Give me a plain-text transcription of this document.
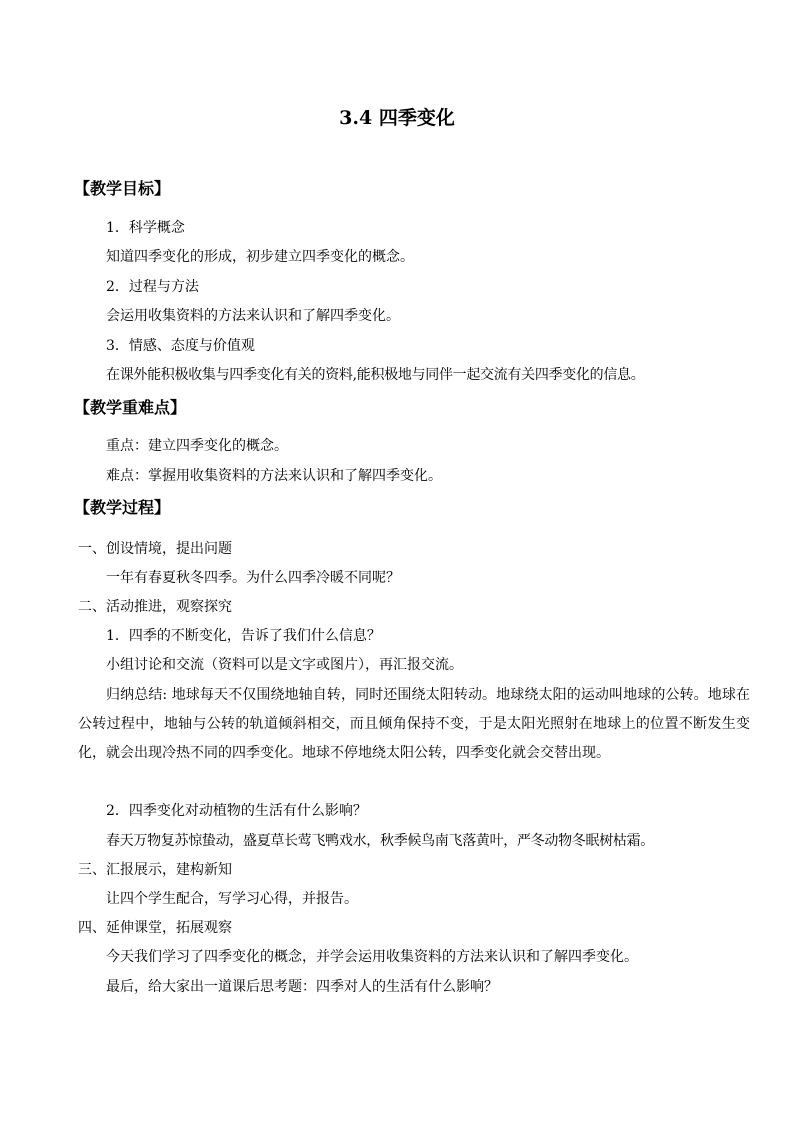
3.4 四季变化
【教学目标】
1．科学概念
知道四季变化的形成，初步建立四季变化的概念。
2．过程与方法
会运用收集资料的方法来认识和了解四季变化。
3．情感、态度与价值观
在课外能积极收集与四季变化有关的资料,能积极地与同伴一起交流有关四季变化的信息。
【教学重难点】
重点：建立四季变化的概念。
难点：掌握用收集资料的方法来认识和了解四季变化。
【教学过程】
一、创设情境，提出问题
一年有春夏秋冬四季。为什么四季冷暖不同呢？
二、活动推进，观察探究
1．四季的不断变化，告诉了我们什么信息？
小组讨论和交流（资料可以是文字或图片），再汇报交流。
归纳总结: 地球每天不仅围绕地轴自转，同时还围绕太阳转动。地球绕太阳的运动叫地球的公转。地球在公转过程中，地轴与公转的轨道倾斜相交，而且倾角保持不变，于是太阳光照射在地球上的位置不断发生变化，就会出现冷热不同的四季变化。地球不停地绕太阳公转，四季变化就会交替出现。
2．四季变化对动植物的生活有什么影响？
春天万物复苏惊蛰动，盛夏草长莺飞鸭戏水，秋季候鸟南飞落黄叶，严冬动物冬眠树枯霜。
三、汇报展示，建构新知
让四个学生配合，写学习心得，并报告。
四、延伸课堂，拓展观察
今天我们学习了四季变化的概念，并学会运用收集资料的方法来认识和了解四季变化。
最后，给大家出一道课后思考题：四季对人的生活有什么影响？
